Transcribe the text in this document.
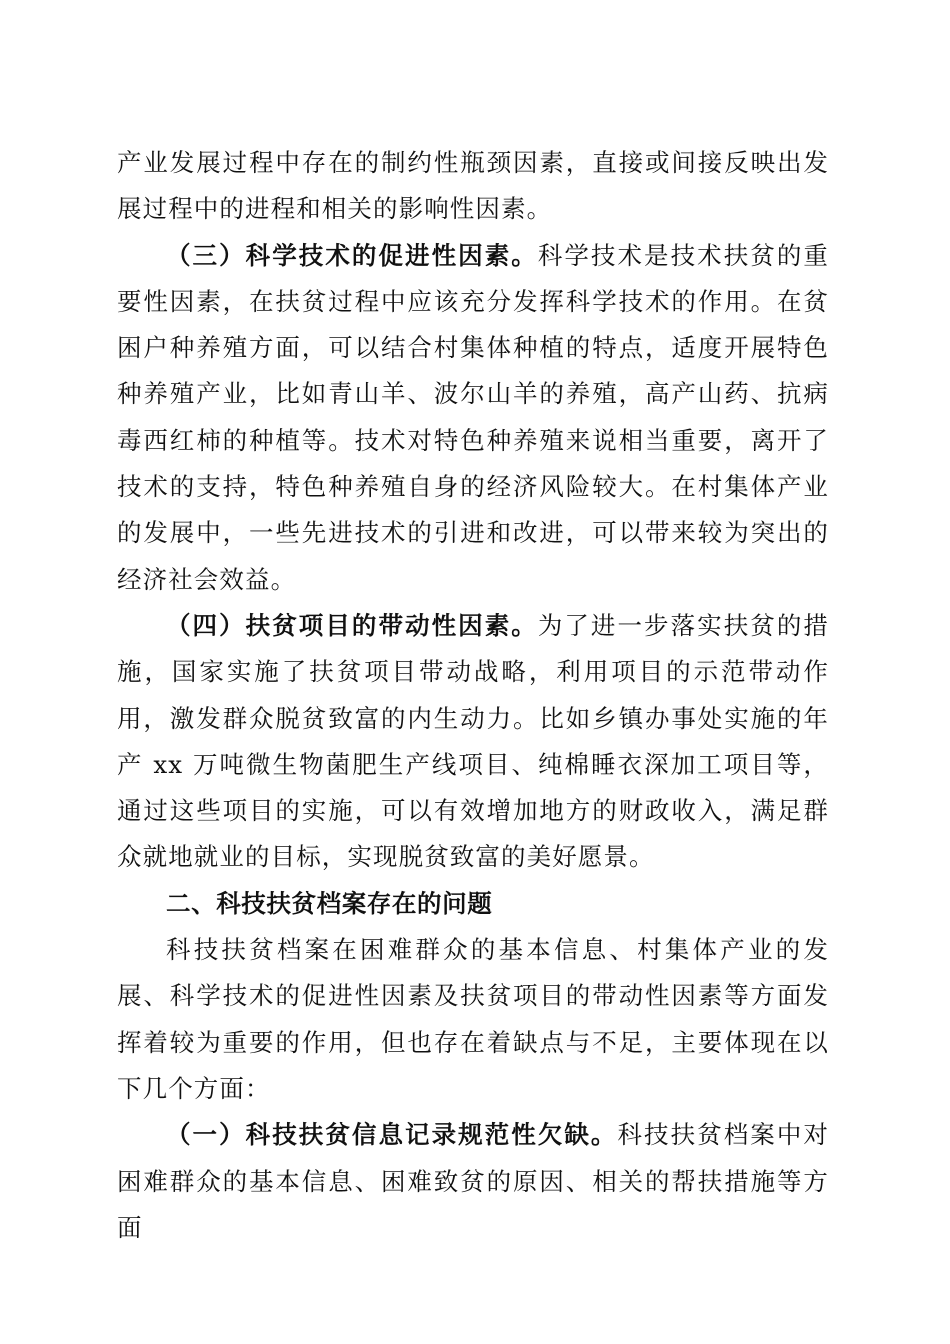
产业发展过程中存在的制约性瓶颈因素，直接或间接反映出发展过程中的进程和相关的影响性因素。

（三）科学技术的促进性因素。科学技术是技术扶贫的重要性因素，在扶贫过程中应该充分发挥科学技术的作用。在贫困户种养殖方面，可以结合村集体种植的特点，适度开展特色种养殖产业，比如青山羊、波尔山羊的养殖，高产山药、抗病毒西红柿的种植等。技术对特色种养殖来说相当重要，离开了技术的支持，特色种养殖自身的经济风险较大。在村集体产业的发展中，一些先进技术的引进和改进，可以带来较为突出的经济社会效益。

（四）扶贫项目的带动性因素。为了进一步落实扶贫的措施，国家实施了扶贫项目带动战略，利用项目的示范带动作用，激发群众脱贫致富的内生动力。比如乡镇办事处实施的年产 xx 万吨微生物菌肥生产线项目、纯棉睡衣深加工项目等，通过这些项目的实施，可以有效增加地方的财政收入，满足群众就地就业的目标，实现脱贫致富的美好愿景。

二、科技扶贫档案存在的问题

科技扶贫档案在困难群众的基本信息、村集体产业的发展、科学技术的促进性因素及扶贫项目的带动性因素等方面发挥着较为重要的作用，但也存在着缺点与不足，主要体现在以下几个方面：

（一）科技扶贫信息记录规范性欠缺。科技扶贫档案中对困难群众的基本信息、困难致贫的原因、相关的帮扶措施等方面
